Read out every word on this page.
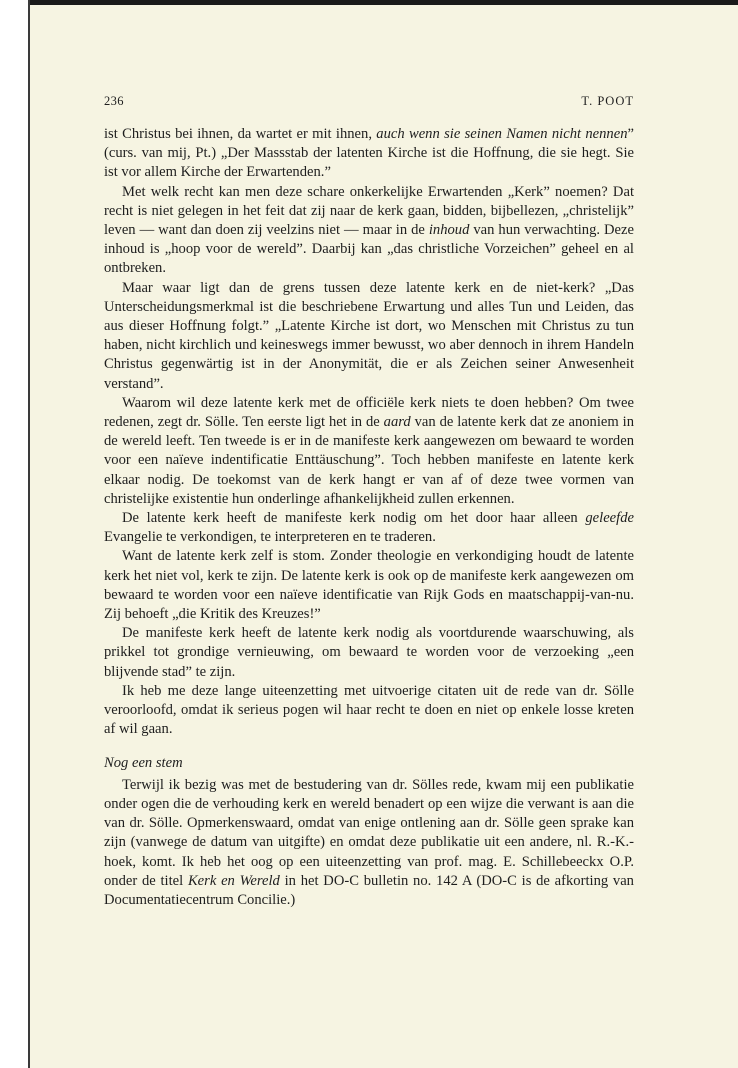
236	T. POOT

ist Christus bei ihnen, da wartet er mit ihnen, auch wenn sie seinen Namen nicht nennen” (curs. van mij, Pt.) „Der Massstab der latenten Kirche ist die Hoffnung, die sie hegt. Sie ist vor allem Kirche der Erwartenden.”

Met welk recht kan men deze schare onkerkelijke Erwartenden „Kerk” noemen? Dat recht is niet gelegen in het feit dat zij naar de kerk gaan, bidden, bijbellezen, „christelijk” leven — want dan doen zij veelzins niet — maar in de inhoud van hun verwachting. Deze inhoud is „hoop voor de wereld”. Daarbij kan „das christliche Vorzeichen” geheel en al ontbreken.

Maar waar ligt dan de grens tussen deze latente kerk en de niet-kerk? „Das Unterscheidungsmerkmal ist die beschriebene Erwartung und alles Tun und Leiden, das aus dieser Hoffnung folgt.” „Latente Kirche ist dort, wo Menschen mit Christus zu tun haben, nicht kirchlich und keineswegs immer bewusst, wo aber dennoch in ihrem Handeln Christus gegenwärtig ist in der Anonymität, die er als Zeichen seiner Anwesenheit verstand”.

Waarom wil deze latente kerk met de officiële kerk niets te doen hebben? Om twee redenen, zegt dr. Sölle. Ten eerste ligt het in de aard van de latente kerk dat ze anoniem in de wereld leeft. Ten tweede is er in de manifeste kerk aangewezen om bewaard te worden voor een naïeve indentificatie Enttäuschung”. Toch hebben manifeste en latente kerk elkaar nodig. De toekomst van de kerk hangt er van af of deze twee vormen van christelijke existentie hun onderlinge afhankelijkheid zullen erkennen.

De latente kerk heeft de manifeste kerk nodig om het door haar alleen geleefde Evangelie te verkondigen, te interpreteren en te traderen.

Want de latente kerk zelf is stom. Zonder theologie en verkondiging houdt de latente kerk het niet vol, kerk te zijn. De latente kerk is ook op de manifeste kerk aangewezen om bewaard te worden voor een naïeve identificatie van Rijk Gods en maatschappij-van-nu. Zij behoeft „die Kritik des Kreuzes!”

De manifeste kerk heeft de latente kerk nodig als voortdurende waarschuwing, als prikkel tot grondige vernieuwing, om bewaard te worden voor de verzoeking „een blijvende stad” te zijn.

Ik heb me deze lange uiteenzetting met uitvoerige citaten uit de rede van dr. Sölle veroorloofd, omdat ik serieus pogen wil haar recht te doen en niet op enkele losse kreten af wil gaan.

Nog een stem

Terwijl ik bezig was met de bestudering van dr. Sölles rede, kwam mij een publikatie onder ogen die de verhouding kerk en wereld benadert op een wijze die verwant is aan die van dr. Sölle. Opmerkenswaard, omdat van enige ontlening aan dr. Sölle geen sprake kan zijn (vanwege de datum van uitgifte) en omdat deze publikatie uit een andere, nl. R.-K.-hoek, komt. Ik heb het oog op een uiteenzetting van prof. mag. E. Schillebeeckx O.P. onder de titel Kerk en Wereld in het DO-C bulletin no. 142 A (DO-C is de afkorting van Documentatiecentrum Concilie.)
